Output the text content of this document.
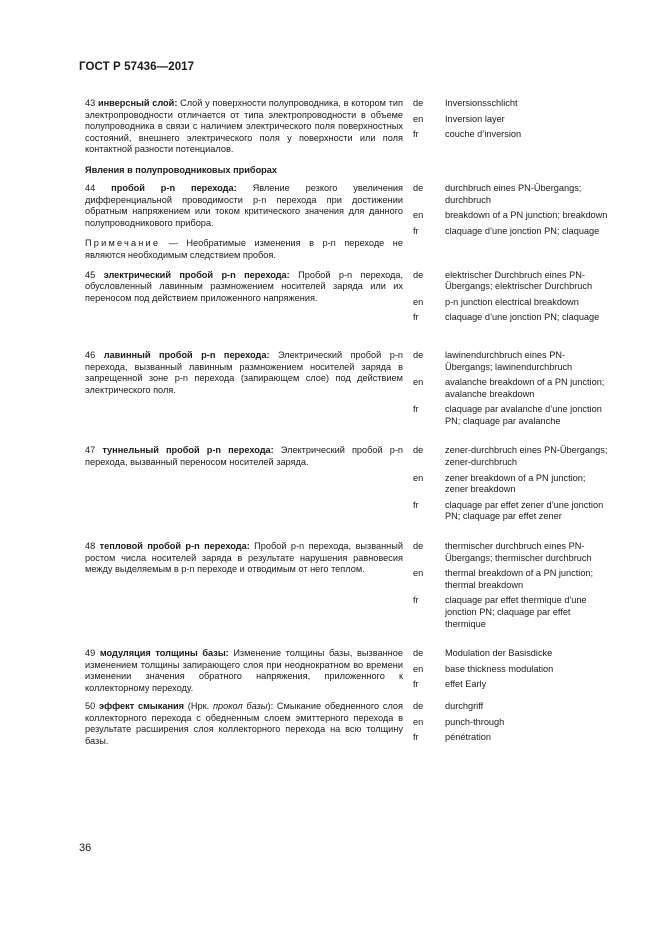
ГОСТ Р 57436—2017
43 инверсный слой: Слой у поверхности полупроводника, в котором тип электропроводности отличается от типа электропроводности в объеме полупроводника в связи с наличием электрического поля поверхностных состояний, внешнего электрического поля у поверхности или поля контактной разности потенциалов.
de	Inversionsschlicht
en	Inversion layer
fr	couche d’inversion
Явления в полупроводниковых приборах
44 пробой p-n перехода: Явление резкого увеличения дифференциальной проводимости p-n перехода при достижении обратным напряжением или током критического значения для данного полупроводникового прибора.
Примечание — Необратимые изменения в p-n переходе не являются необходимым следствием пробоя.
de	durchbruch eines PN-Übergangs; durchbruch
en	breakdown of a PN junction; breakdown
fr	claquage d’une jonction PN; claquage
45 электрический пробой p-n перехода: Пробой p-n перехода, обусловленный лавинным размножением носителей заряда или их переносом под действием приложенного напряжения.
de	elektrischer Durchbruch eines PN-Übergangs; elektrischer Durchbruch
en	p-n junction electrical breakdown
fr	claquage d’une jonction PN; claquage
46 лавинный пробой p-n перехода: Электрический пробой p-n перехода, вызванный лавинным размножением носителей заряда в запрещенной зоне p-n перехода (запирающем слое) под действием электрического поля.
de	lawinendurchbruch eines PN-Übergangs; lawinendurchbruch
en	avalanche breakdown of a PN junction; avalanche breakdown
fr	claquage par avalanche d’une jonction PN; claquage par avalanche
47 туннельный пробой p-n перехода: Электрический пробой p-n перехода, вызванный переносом носителей заряда.
de	zener-durchbruch eines PN-Übergangs; zener-durchbruch
en	zener breakdown of a PN junction; zener breakdown
fr	claquage par effet zener d’une jonction PN; claquage par effet zener
48 тепловой пробой p-n перехода: Пробой p-n перехода, вызванный ростом числа носителей заряда в результате нарушения равновесия между выделяемым в p-n переходе и отводимым от него теплом.
de	thermischer durchbruch eines PN-Übergangs; thermischer durchbruch
en	thermal breakdown of a PN junction; thermal breakdown
fr	claquage par effet thermique d'une jonction PN; claquage par effet thermique
49 модуляция толщины базы: Изменение толщины базы, вызванное изменением толщины запирающего слоя при неоднократном во времени изменении значения обратного напряжения, приложенного к коллекторному переходу.
de	Modulation der Basisdicke
en	base thickness modulation
fr	effet Early
50 эффект смыкания (Нрк. прокол базы): Смыкание обедненного слоя коллекторного перехода с обедненным слоем эмиттерного перехода в результате расширения слоя коллекторного перехода на всю толщину базы.
de	durchgriff
en	punch-through
fr	pénétration
36
